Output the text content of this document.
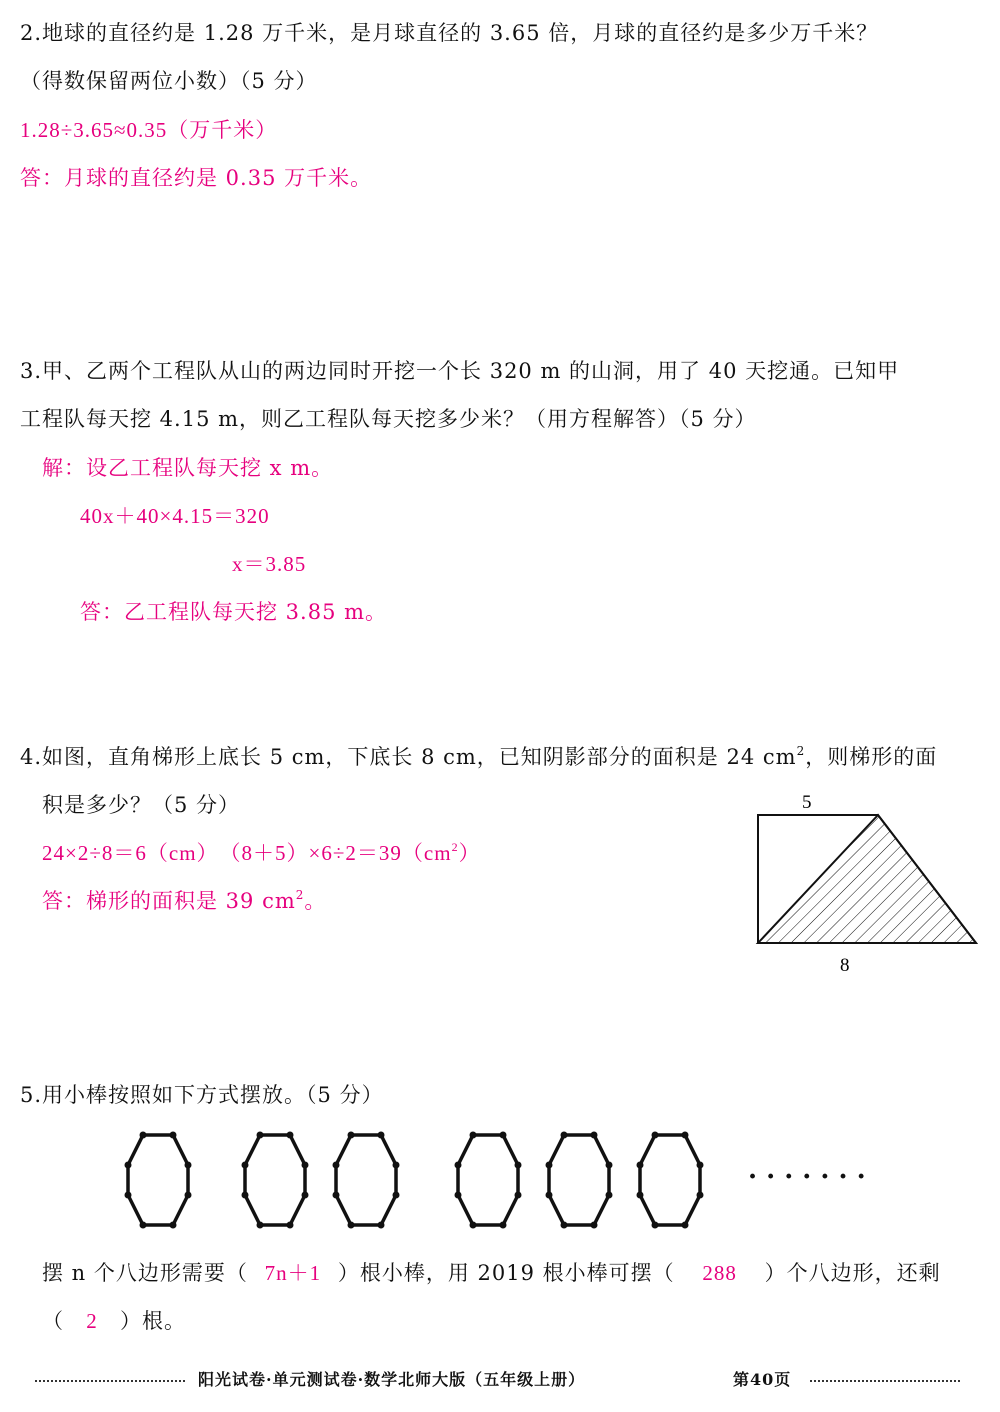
2.地球的直径约是 1.28 万千米，是月球直径的 3.65 倍，月球的直径约是多少万千米？
（得数保留两位小数）（5 分）
1.28÷3.65≈0.35（万千米）
答：月球的直径约是 0.35 万千米。
3.甲、乙两个工程队从山的两边同时开挖一个长 320 m 的山洞，用了 40 天挖通。已知甲
工程队每天挖 4.15 m，则乙工程队每天挖多少米？（用方程解答）（5 分）
解：设乙工程队每天挖 x m。
40x＋40×4.15＝320
x＝3.85
答：乙工程队每天挖 3.85 m。
4.如图，直角梯形上底长 5 cm，下底长 8 cm，已知阴影部分的面积是 24 $cm^2$，则梯形的面
积是多少？（5 分）
24×2÷8＝6（cm）　$(8+5)\times 6\div 2=39(cm^2)$
答：梯形的面积是 39 $cm^2$。
5
8
5.用小棒按照如下方式摆放。（5 分）
· · · · · · ·
摆 n 个八边形需要（ 7n＋1 ）根小棒，用 2019 根小棒可摆（ 288 ）个八边形，还剩
（ 2 ）根。
阳光试卷·单元测试卷·数学北师大版（五年级上册）	第40页
